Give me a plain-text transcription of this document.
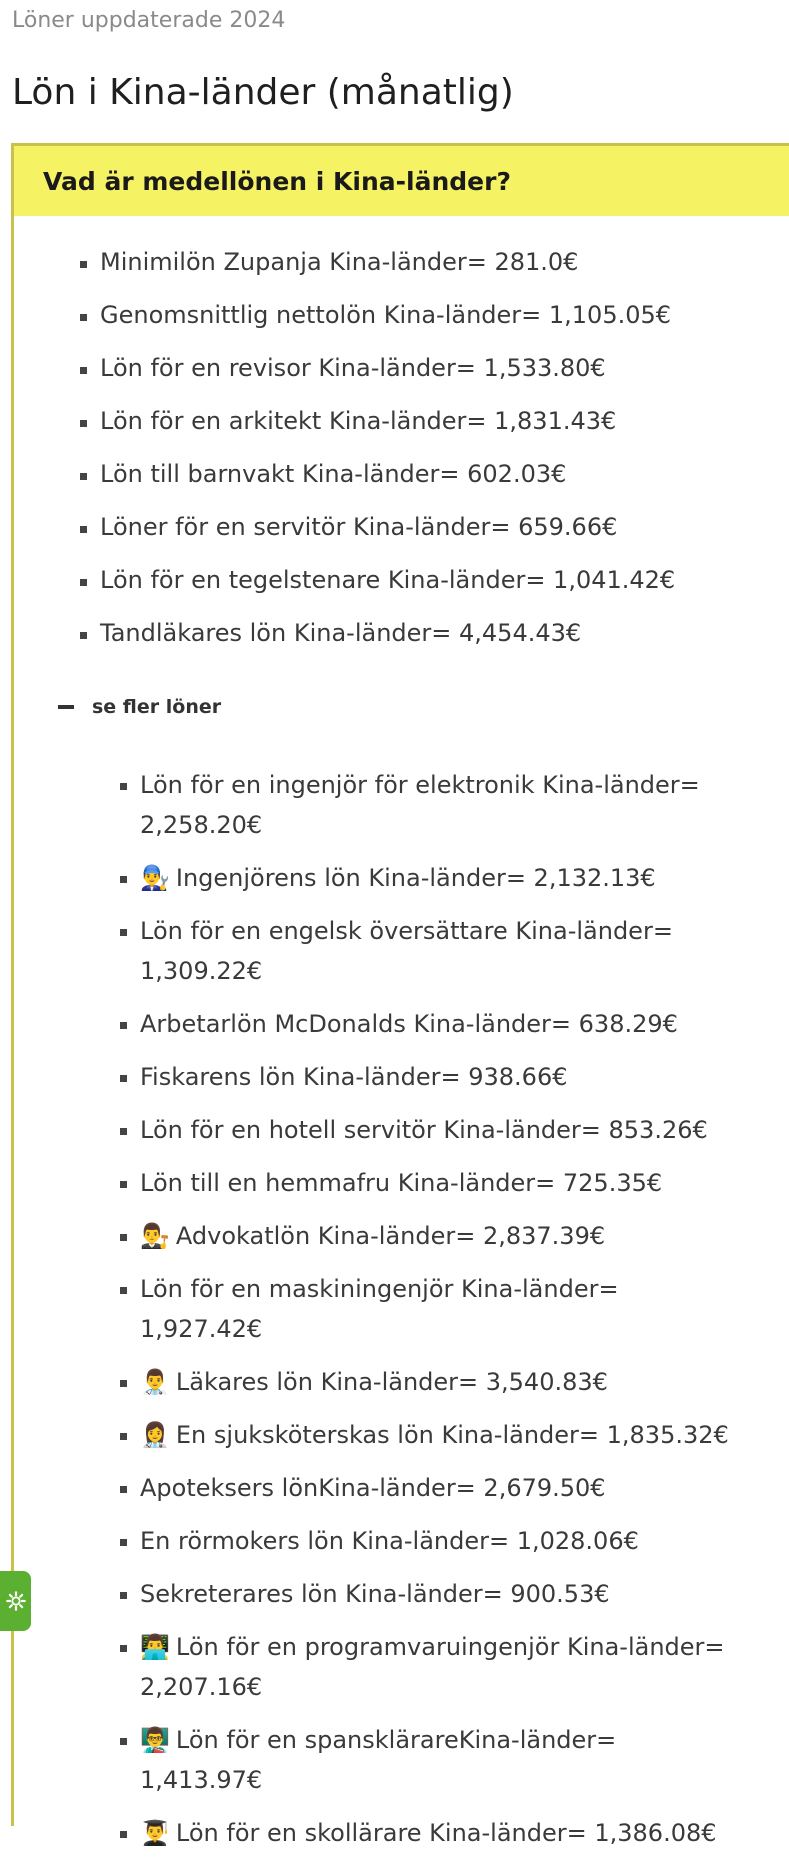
Löner uppdaterade 2024
Lön i Kina-länder (månatlig)
Vad är medellönen i Kina-länder?
Minimilön Zupanja Kina-länder= 281.0€
Genomsnittlig nettolön Kina-länder= 1,105.05€
Lön för en revisor Kina-länder= 1,533.80€
Lön för en arkitekt Kina-länder= 1,831.43€
Lön till barnvakt Kina-länder= 602.03€
Löner för en servitör Kina-länder= 659.66€
Lön för en tegelstenare Kina-länder= 1,041.42€
Tandläkares lön Kina-länder= 4,454.43€
se fler löner
Lön för en ingenjör för elektronik Kina-länder= 2,258.20€
👨‍🔧 Ingenjörens lön Kina-länder= 2,132.13€
Lön för en engelsk översättare Kina-länder= 1,309.22€
Arbetarlön McDonalds Kina-länder= 638.29€
Fiskarens lön Kina-länder= 938.66€
Lön för en hotell servitör Kina-länder= 853.26€
Lön till en hemmafru Kina-länder= 725.35€
👨‍⚖️ Advokatlön Kina-länder= 2,837.39€
Lön för en maskiningenjör Kina-länder= 1,927.42€
👨‍⚕️ Läkares lön Kina-länder= 3,540.83€
👩‍⚕️ En sjuksköterskas lön Kina-länder= 1,835.32€
Apoteksers lönKina-länder= 2,679.50€
En rörmokers lön Kina-länder= 1,028.06€
Sekreterares lön Kina-länder= 900.53€
👨‍💻 Lön för en programvaruingenjör Kina-länder= 2,207.16€
👨‍🏫 Lön för en spansklärareKina-länder= 1,413.97€
👨‍🎓 Lön för en skollärare Kina-länder= 1,386.08€
